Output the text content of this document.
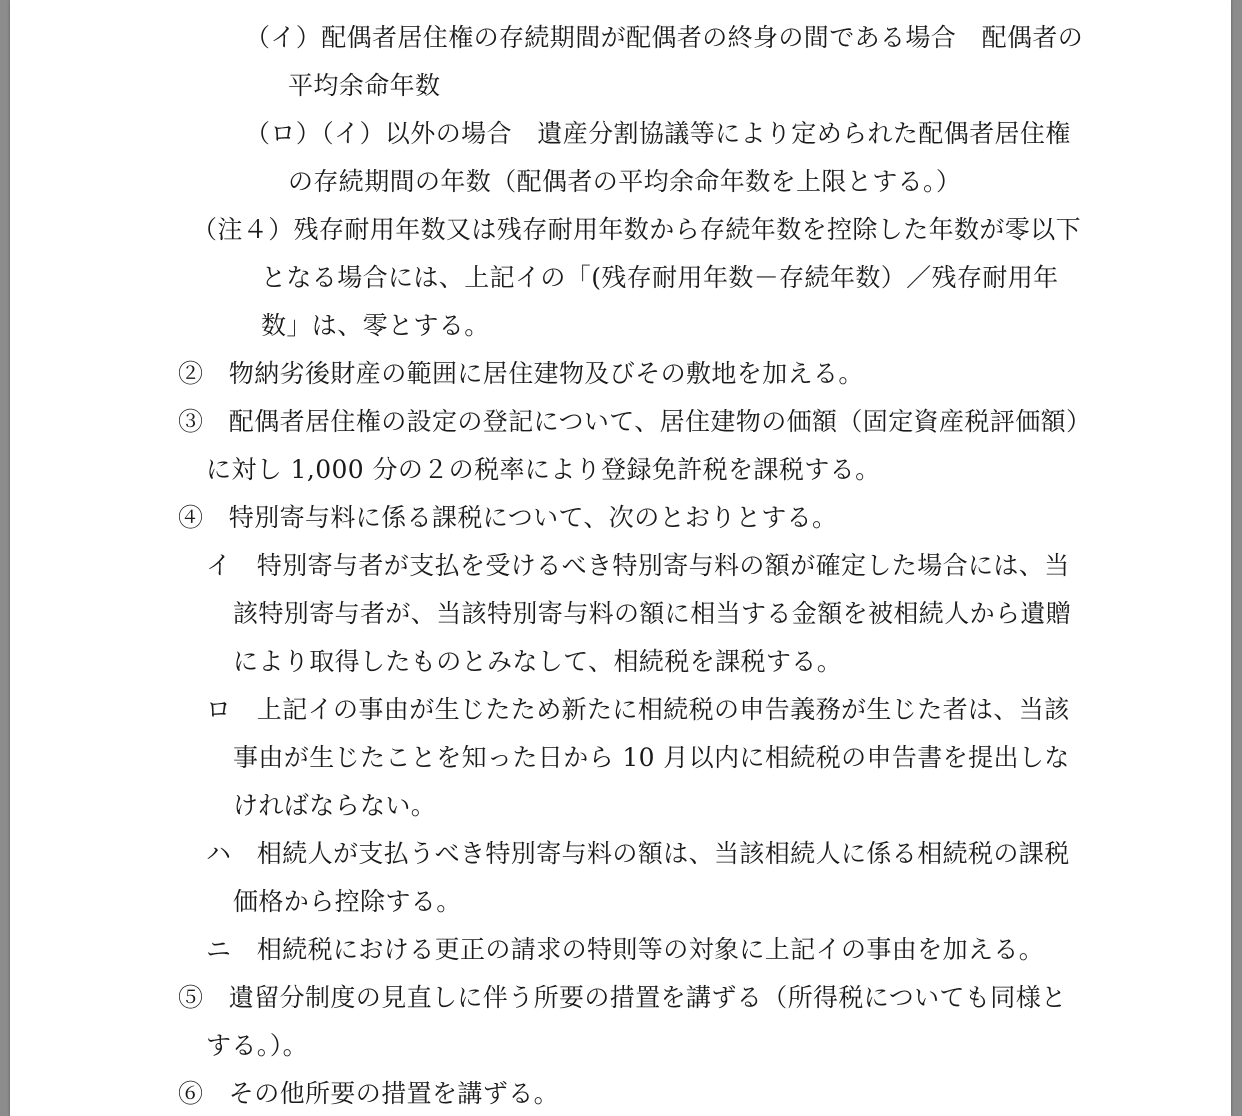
（イ）配偶者居住権の存続期間が配偶者の終身の間である場合　配偶者の

平均余命年数

（ロ）（イ）以外の場合　遺産分割協議等により定められた配偶者居住権

の存続期間の年数（配偶者の平均余命年数を上限とする。）

（注４）残存耐用年数又は残存耐用年数から存続年数を控除した年数が零以下

となる場合には、上記イの「(残存耐用年数－存続年数）／残存耐用年

数」は、零とする。

②　物納劣後財産の範囲に居住建物及びその敷地を加える。

③　配偶者居住権の設定の登記について、居住建物の価額（固定資産税評価額）

に対し 1,000 分の２の税率により登録免許税を課税する。

④　特別寄与料に係る課税について、次のとおりとする。

イ　特別寄与者が支払を受けるべき特別寄与料の額が確定した場合には、当

該特別寄与者が、当該特別寄与料の額に相当する金額を被相続人から遺贈

により取得したものとみなして、相続税を課税する。

ロ　上記イの事由が生じたため新たに相続税の申告義務が生じた者は、当該

事由が生じたことを知った日から 10 月以内に相続税の申告書を提出しな

ければならない。

ハ　相続人が支払うべき特別寄与料の額は、当該相続人に係る相続税の課税

価格から控除する。

ニ　相続税における更正の請求の特則等の対象に上記イの事由を加える。

⑤　遺留分制度の見直しに伴う所要の措置を講ずる（所得税についても同様と

する。）。

⑥　その他所要の措置を講ずる。
